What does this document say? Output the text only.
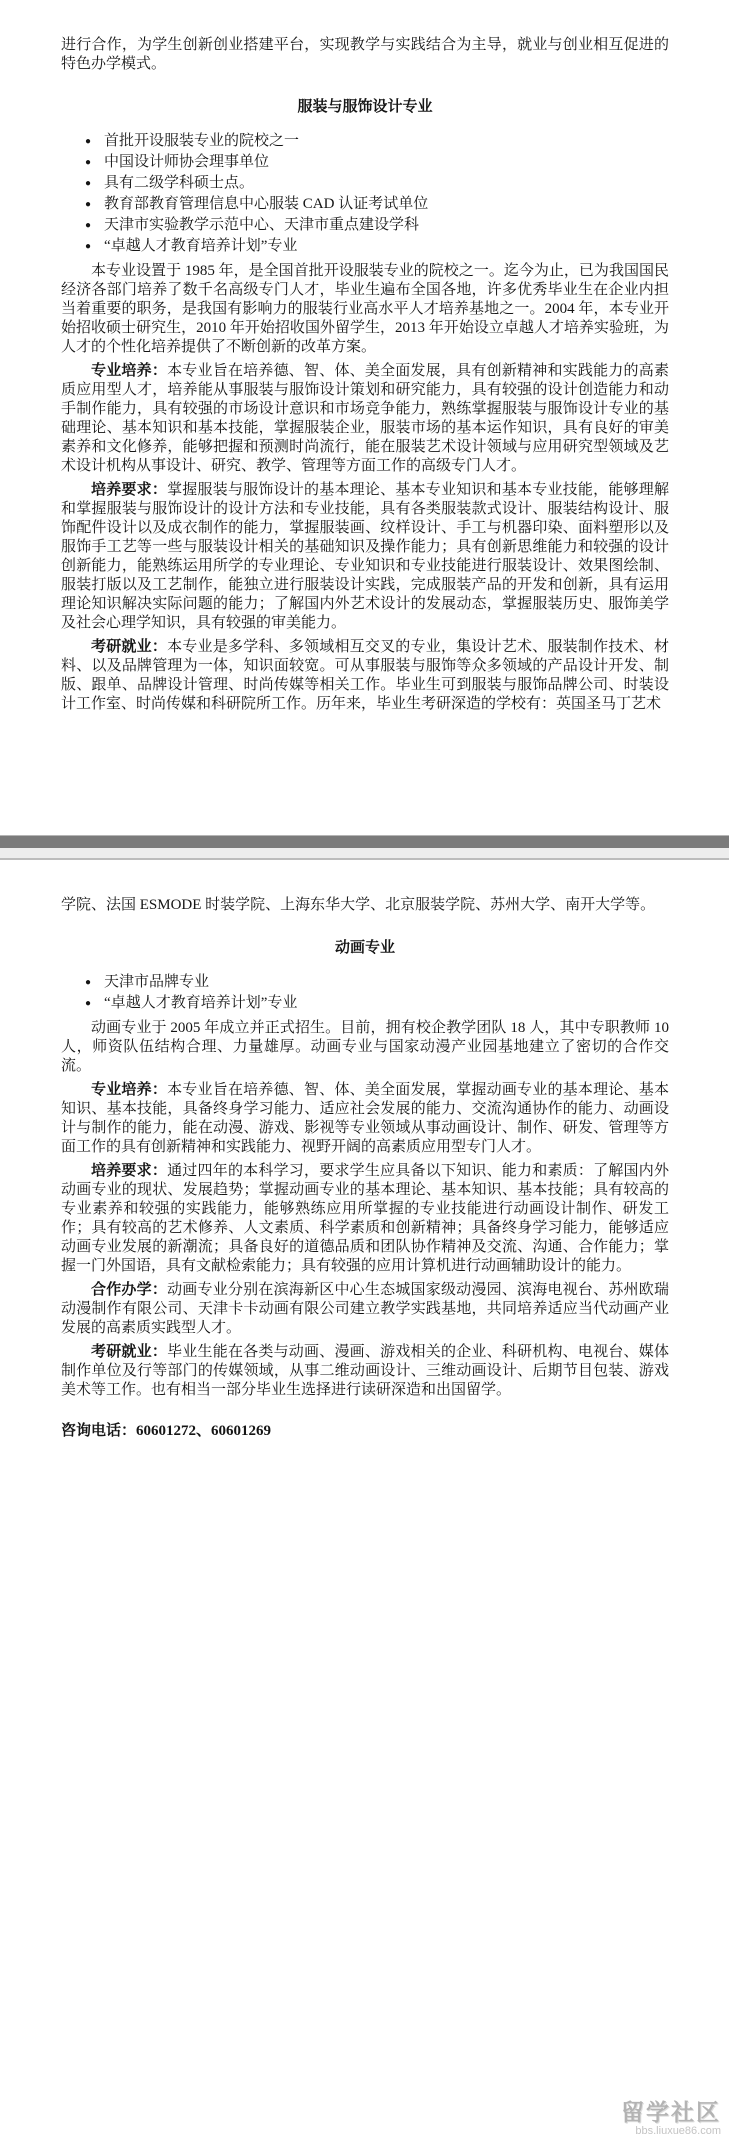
进行合作，为学生创新创业搭建平台，实现教学与实践结合为主导，就业与创业相互促进的特色办学模式。

服装与服饰设计专业

● 首批开设服装专业的院校之一
● 中国设计师协会理事单位
● 具有二级学科硕士点。
● 教育部教育管理信息中心服装 CAD 认证考试单位
● 天津市实验教学示范中心、天津市重点建设学科
● “卓越人才教育培养计划”专业

本专业设置于 1985 年，是全国首批开设服装专业的院校之一。迄今为止，已为我国国民经济各部门培养了数千名高级专门人才，毕业生遍布全国各地，许多优秀毕业生在企业内担当着重要的职务，是我国有影响力的服装行业高水平人才培养基地之一。2004 年，本专业开始招收硕士研究生，2010 年开始招收国外留学生，2013 年开始设立卓越人才培养实验班，为人才的个性化培养提供了不断创新的改革方案。

专业培养：本专业旨在培养德、智、体、美全面发展，具有创新精神和实践能力的高素质应用型人才，培养能从事服装与服饰设计策划和研究能力，具有较强的设计创造能力和动手制作能力，具有较强的市场设计意识和市场竞争能力，熟练掌握服装与服饰设计专业的基础理论、基本知识和基本技能，掌握服装企业，服装市场的基本运作知识，具有良好的审美素养和文化修养，能够把握和预测时尚流行，能在服装艺术设计领域与应用研究型领域及艺术设计机构从事设计、研究、教学、管理等方面工作的高级专门人才。

培养要求：掌握服装与服饰设计的基本理论、基本专业知识和基本专业技能，能够理解和掌握服装与服饰设计的设计方法和专业技能，具有各类服装款式设计、服装结构设计、服饰配件设计以及成衣制作的能力，掌握服装画、纹样设计、手工与机器印染、面料塑形以及服饰手工艺等一些与服装设计相关的基础知识及操作能力；具有创新思维能力和较强的设计创新能力，能熟练运用所学的专业理论、专业知识和专业技能进行服装设计、效果图绘制、服装打版以及工艺制作，能独立进行服装设计实践，完成服装产品的开发和创新，具有运用理论知识解决实际问题的能力；了解国内外艺术设计的发展动态，掌握服装历史、服饰美学及社会心理学知识，具有较强的审美能力。

考研就业：本专业是多学科、多领域相互交叉的专业，集设计艺术、服装制作技术、材料、以及品牌管理为一体，知识面较宽。可从事服装与服饰等众多领域的产品设计开发、制版、跟单、品牌设计管理、时尚传媒等相关工作。毕业生可到服装与服饰品牌公司、时装设计工作室、时尚传媒和科研院所工作。历年来，毕业生考研深造的学校有：英国圣马丁艺术

学院、法国 ESMODE 时装学院、上海东华大学、北京服装学院、苏州大学、南开大学等。

动画专业

● 天津市品牌专业
● “卓越人才教育培养计划”专业

动画专业于 2005 年成立并正式招生。目前，拥有校企教学团队 18 人，其中专职教师 10 人，师资队伍结构合理、力量雄厚。动画专业与国家动漫产业园基地建立了密切的合作交流。

专业培养：本专业旨在培养德、智、体、美全面发展，掌握动画专业的基本理论、基本知识、基本技能，具备终身学习能力、适应社会发展的能力、交流沟通协作的能力、动画设计与制作的能力，能在动漫、游戏、影视等专业领域从事动画设计、制作、研发、管理等方面工作的具有创新精神和实践能力、视野开阔的高素质应用型专门人才。

培养要求：通过四年的本科学习，要求学生应具备以下知识、能力和素质：了解国内外动画专业的现状、发展趋势；掌握动画专业的基本理论、基本知识、基本技能；具有较高的专业素养和较强的实践能力，能够熟练应用所掌握的专业技能进行动画设计制作、研发工作；具有较高的艺术修养、人文素质、科学素质和创新精神；具备终身学习能力，能够适应动画专业发展的新潮流；具备良好的道德品质和团队协作精神及交流、沟通、合作能力；掌握一门外国语，具有文献检索能力；具有较强的应用计算机进行动画辅助设计的能力。

合作办学：动画专业分别在滨海新区中心生态城国家级动漫园、滨海电视台、苏州欧瑞动漫制作有限公司、天津卡卡动画有限公司建立教学实践基地，共同培养适应当代动画产业发展的高素质实践型人才。

考研就业：毕业生能在各类与动画、漫画、游戏相关的企业、科研机构、电视台、媒体制作单位及行等部门的传媒领域，从事二维动画设计、三维动画设计、后期节目包装、游戏美术等工作。也有相当一部分毕业生选择进行读研深造和出国留学。

咨询电话：60601272、60601269

留学社区
bbs.liuxue86.com
